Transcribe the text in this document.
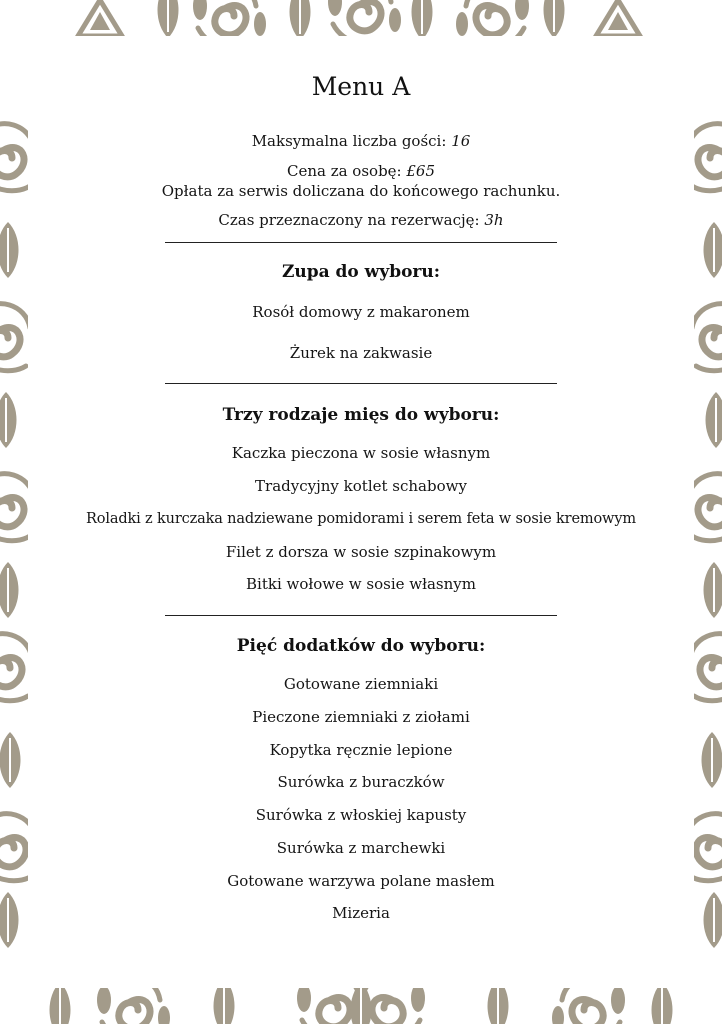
Menu A
Maksymalna liczba gości: 16
Cena za osobę: £65
Opłata za serwis doliczana do końcowego rachunku.
Czas przeznaczony na rezerwację: 3h
Zupa do wyboru:
Rosół domowy z makaronem
Żurek na zakwasie
Trzy rodzaje mięs do wyboru:
Kaczka pieczona w sosie własnym
Tradycyjny kotlet schabowy
Roladki z kurczaka nadziewane pomidorami i serem feta w sosie kremowym
Filet z dorsza w sosie szpinakowym
Bitki wołowe w sosie własnym
Pięć dodatków do wyboru:
Gotowane ziemniaki
Pieczone ziemniaki z ziołami
Kopytka ręcznie lepione
Surówka z buraczków
Surówka z włoskiej kapusty
Surówka z marchewki
Gotowane warzywa polane masłem
Mizeria
